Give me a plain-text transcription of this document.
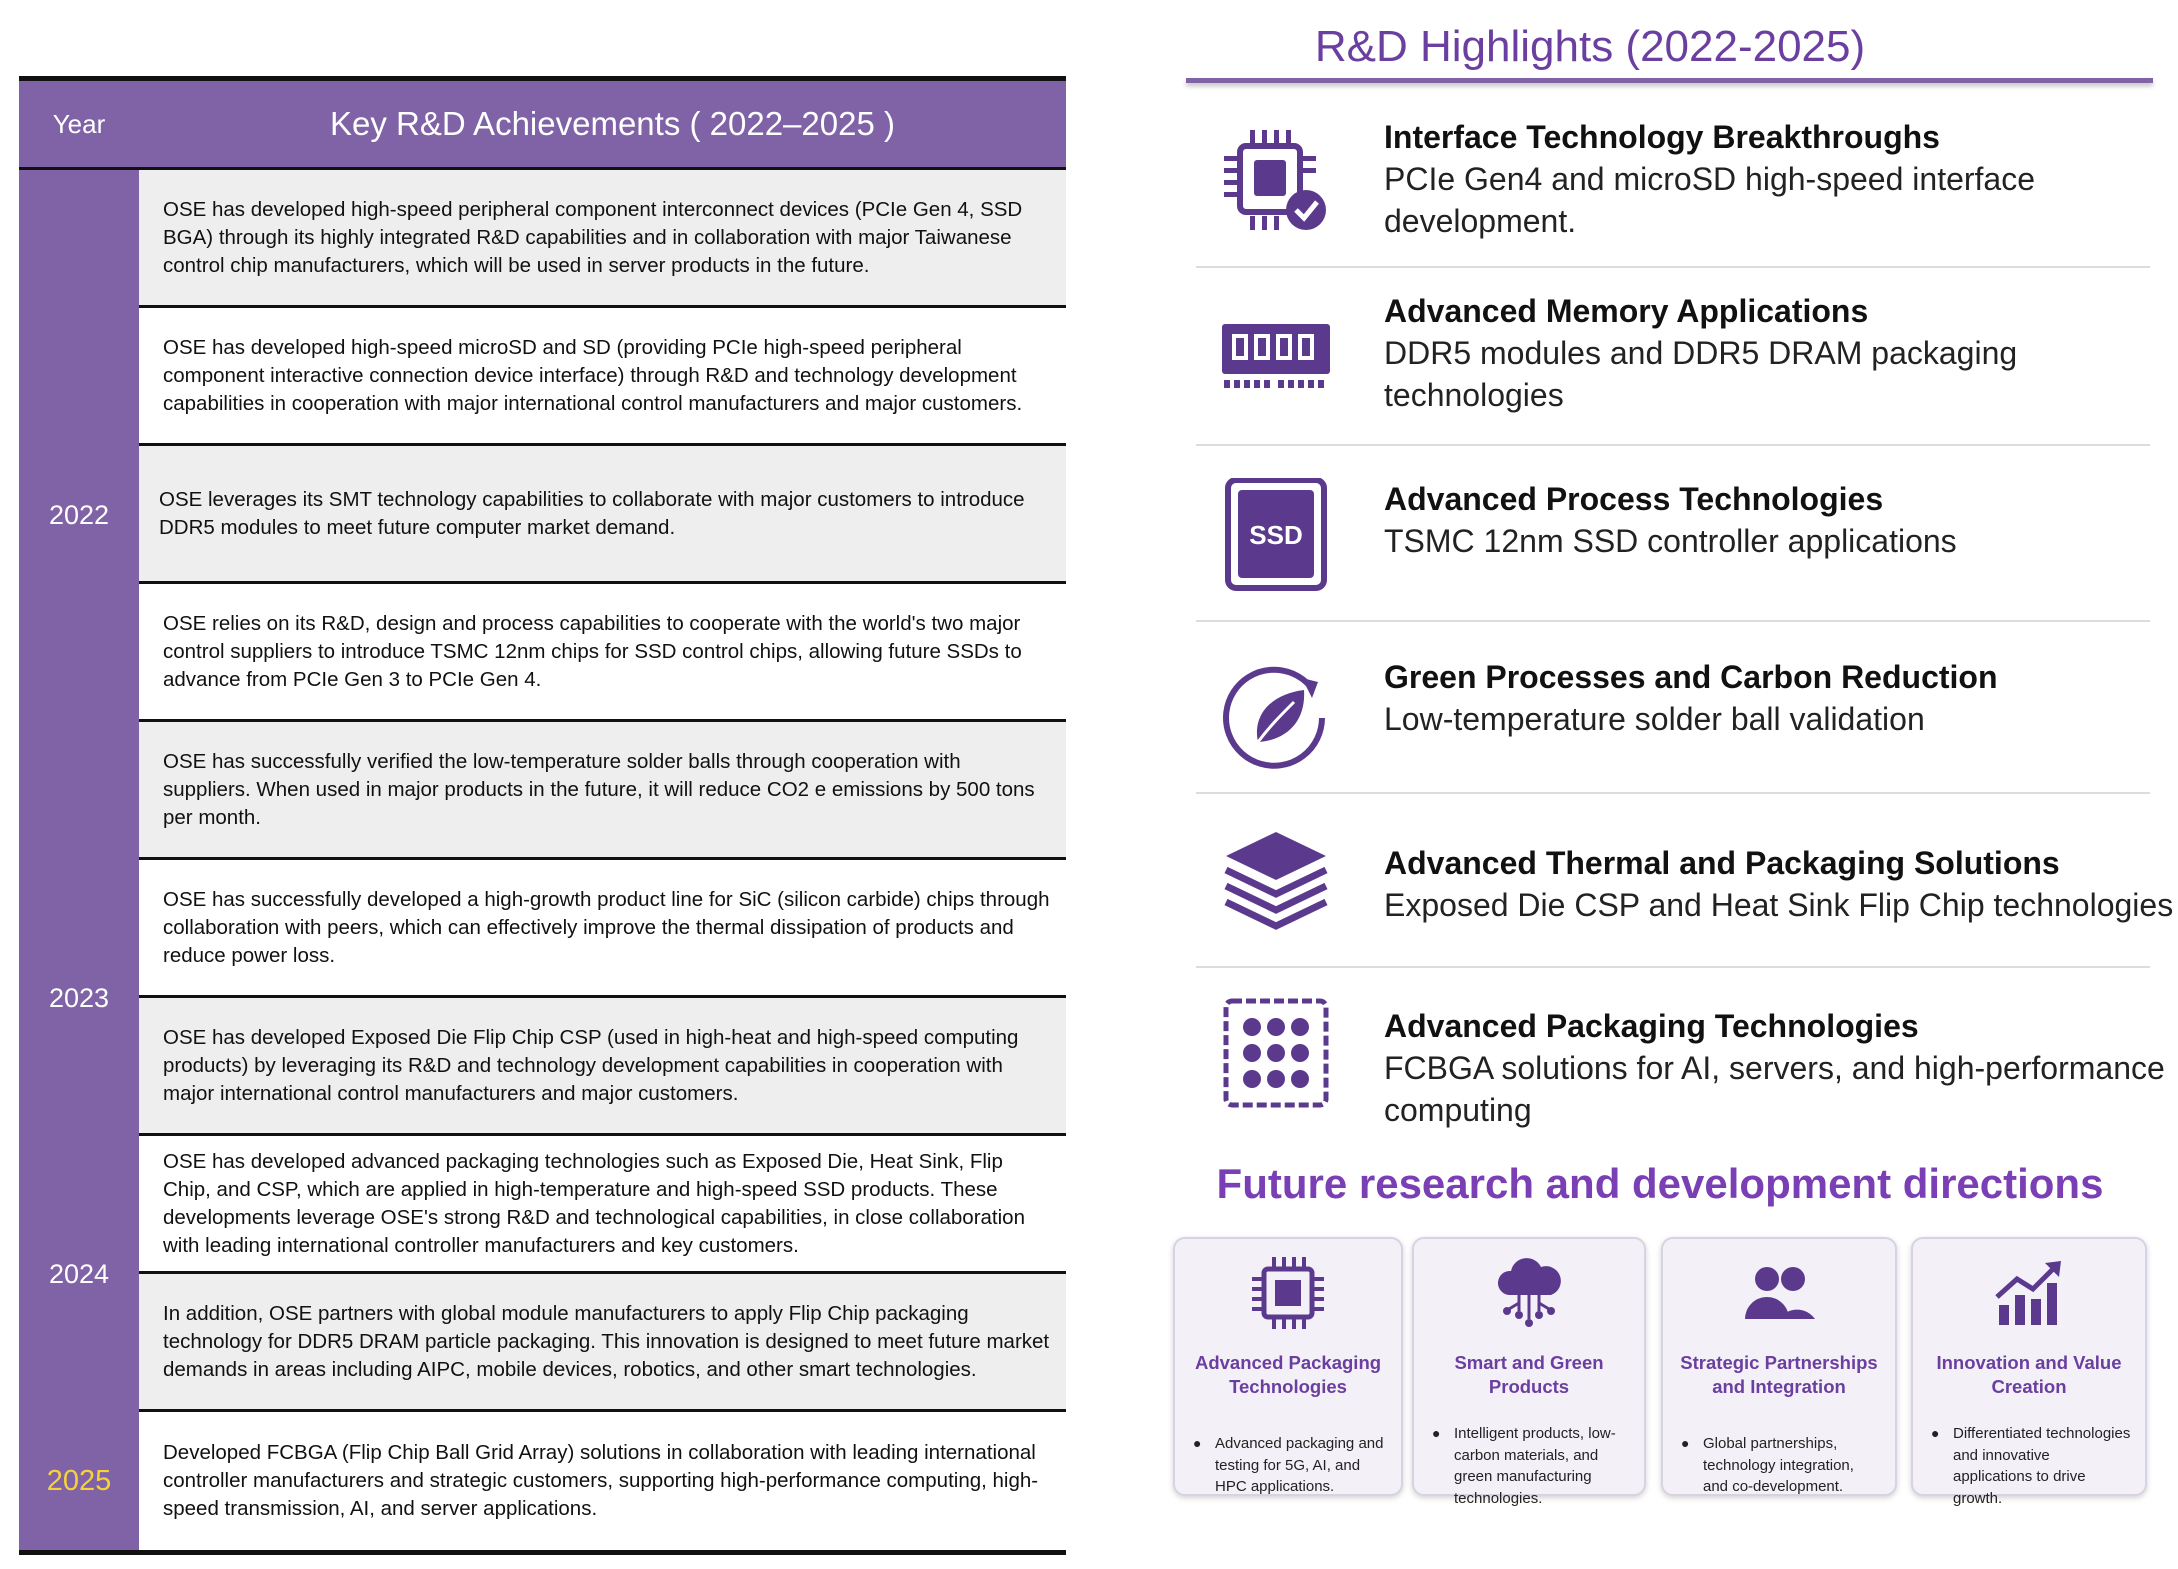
Year	Key R&D Achievements ( 2022–2025 )
2022
OSE has developed high-speed peripheral component interconnect devices (PCIe Gen 4, SSD BGA) through its highly integrated R&D capabilities and in collaboration with major Taiwanese control chip manufacturers, which will be used in server products in the future.
OSE has developed high-speed microSD and SD (providing PCIe high-speed peripheral component interactive connection device interface) through R&D and technology development capabilities in cooperation with major international control manufacturers and major customers.
OSE leverages its SMT technology capabilities to collaborate with major customers to introduce DDR5 modules to meet future computer market demand.
OSE relies on its R&D, design and process capabilities to cooperate with the world's two major control suppliers to introduce TSMC 12nm chips for SSD control chips, allowing future SSDs to advance from PCIe Gen 3 to PCIe Gen 4.
OSE has successfully verified the low-temperature solder balls through cooperation with suppliers. When used in major products in the future, it will reduce CO2 e emissions by 500 tons per month.
2023
OSE has successfully developed a high-growth product line for SiC (silicon carbide) chips through collaboration with peers, which can effectively improve the thermal dissipation of products and reduce power loss.
OSE has developed Exposed Die Flip Chip CSP (used in high-heat and high-speed computing products) by leveraging its R&D and technology development capabilities in cooperation with major international control manufacturers and major customers.
2024
OSE has developed advanced packaging technologies such as Exposed Die, Heat Sink, Flip Chip, and CSP, which are applied in high-temperature and high-speed SSD products. These developments leverage OSE's strong R&D and technological capabilities, in close collaboration with leading international controller manufacturers and key customers.
In addition, OSE partners with global module manufacturers to apply Flip Chip packaging technology for DDR5 DRAM particle packaging. This innovation is designed to meet future market demands in areas including AIPC, mobile devices, robotics, and other smart technologies.
2025
Developed FCBGA (Flip Chip Ball Grid Array) solutions in collaboration with leading international controller manufacturers and strategic customers, supporting high-performance computing, high-speed transmission, AI, and server applications.
R&D Highlights (2022-2025)
Interface Technology Breakthroughs
PCIe Gen4 and microSD high-speed interface development.
Advanced Memory Applications
DDR5 modules and DDR5 DRAM packaging technologies
SSD
Advanced Process Technologies
TSMC 12nm SSD controller applications
Green Processes and Carbon Reduction
Low-temperature solder ball validation
Advanced Thermal and Packaging Solutions
Exposed Die CSP and Heat Sink Flip Chip technologies
Advanced Packaging Technologies
FCBGA solutions for AI, servers, and high-performance computing
Future research and development directions
Advanced Packaging Technologies
● Advanced packaging and testing for 5G, AI, and HPC applications.
Smart and Green Products
● Intelligent products, low-carbon materials, and green manufacturing technologies.
Strategic Partnerships and Integration
● Global partnerships, technology integration, and co-development.
Innovation and Value Creation
● Differentiated technologies and innovative applications to drive growth.
